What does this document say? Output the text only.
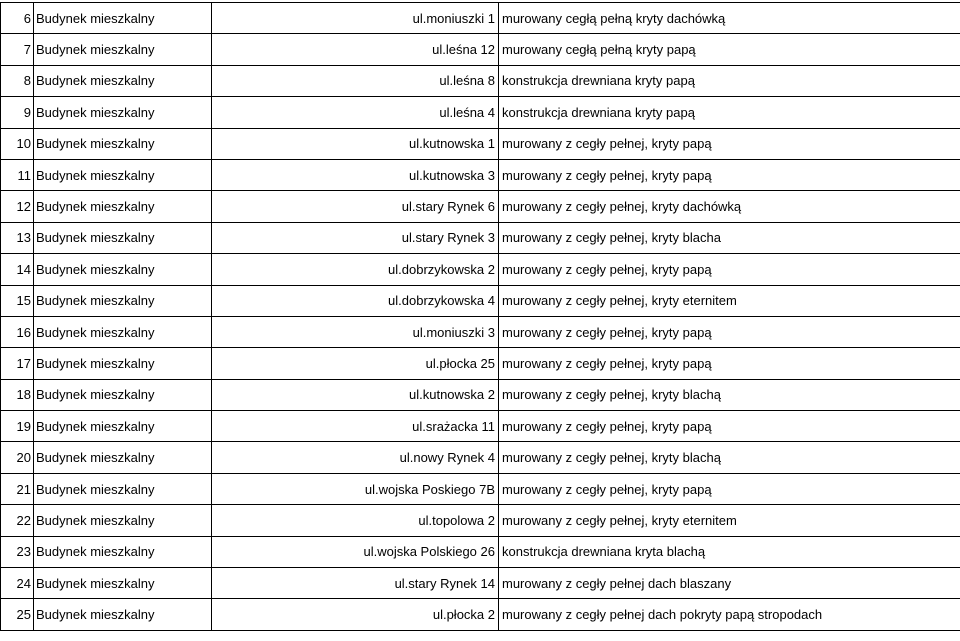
6	Budynek mieszkalny	ul.moniuszki 1	murowany cegłą pełną kryty dachówką
7	Budynek mieszkalny	ul.leśna 12	murowany cegłą pełną kryty papą
8	Budynek mieszkalny	ul.leśna 8	konstrukcja drewniana kryty papą
9	Budynek mieszkalny	ul.leśna 4	konstrukcja drewniana kryty papą
10	Budynek mieszkalny	ul.kutnowska 1	murowany z cegły pełnej, kryty papą
11	Budynek mieszkalny	ul.kutnowska 3	murowany z cegły pełnej, kryty papą
12	Budynek mieszkalny	ul.stary Rynek 6	murowany z cegły pełnej, kryty dachówką
13	Budynek mieszkalny	ul.stary Rynek 3	murowany z cegły pełnej, kryty blacha
14	Budynek mieszkalny	ul.dobrzykowska 2	murowany z cegły pełnej, kryty papą
15	Budynek mieszkalny	ul.dobrzykowska 4	murowany z cegły pełnej, kryty eternitem
16	Budynek mieszkalny	ul.moniuszki 3	murowany z cegły pełnej, kryty papą
17	Budynek mieszkalny	ul.płocka 25	murowany z cegły pełnej, kryty papą
18	Budynek mieszkalny	ul.kutnowska 2	murowany z cegły pełnej, kryty blachą
19	Budynek mieszkalny	ul.srażacka 11	murowany z cegły pełnej, kryty papą
20	Budynek mieszkalny	ul.nowy Rynek 4	murowany z cegły pełnej, kryty blachą
21	Budynek mieszkalny	ul.wojska Poskiego 7B	murowany z cegły pełnej, kryty papą
22	Budynek mieszkalny	ul.topolowa 2	murowany z cegły pełnej, kryty eternitem
23	Budynek mieszkalny	ul.wojska Polskiego 26	konstrukcja drewniana kryta blachą
24	Budynek mieszkalny	ul.stary Rynek 14	murowany z cegły pełnej dach blaszany
25	Budynek mieszkalny	ul.płocka 2	murowany z cegły pełnej dach pokryty papą stropodach
